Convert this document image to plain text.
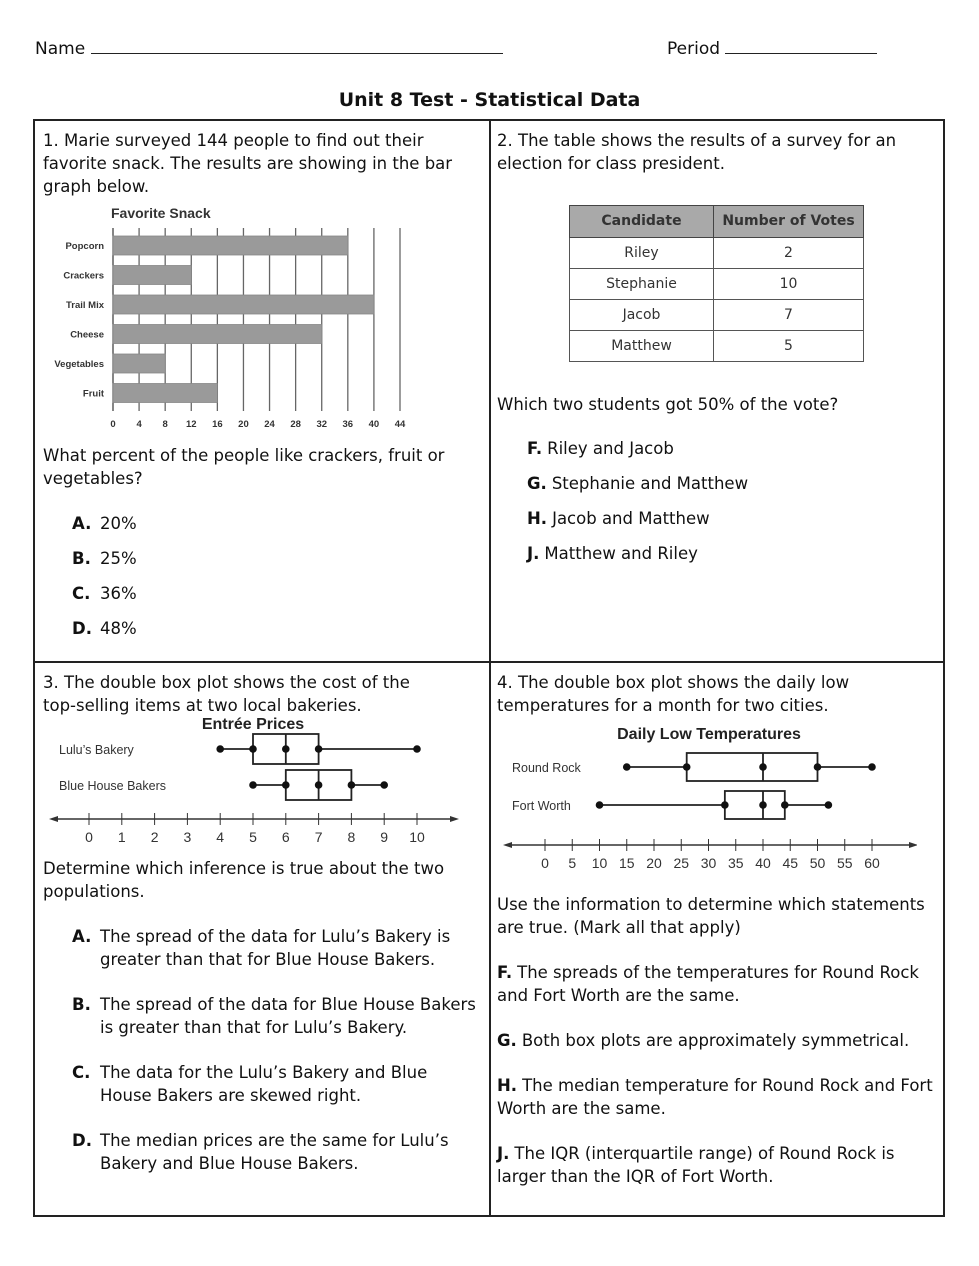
Name	Period
Unit 8 Test - Statistical Data
1. Marie surveyed 144 people to find out their favorite snack. The results are showing in the bar graph below.
Favorite Snack
0 4 8 12 16 20 24 28 32 36 40 44
Popcorn
Crackers
Trail Mix
Cheese
Vegetables
Fruit
What percent of the people like crackers, fruit or vegetables?
A. 20%
B. 25%
C. 36%
D. 48%
2. The table shows the results of a survey for an election for class president.
Candidate	Number of Votes
Riley	2
Stephanie	10
Jacob	7
Matthew	5
Which two students got 50% of the vote?
F. Riley and Jacob
G. Stephanie and Matthew
H. Jacob and Matthew
J. Matthew and Riley
3. The double box plot shows the cost of the top-selling items at two local bakeries.
Entrée Prices
0 1 2 3 4 5 6 7 8 9 10
Lulu’s Bakery
Blue House Bakers
Determine which inference is true about the two populations.
A. The spread of the data for Lulu’s Bakery is greater than that for Blue House Bakers.
B. The spread of the data for Blue House Bakers is greater than that for Lulu’s Bakery.
C. The data for the Lulu’s Bakery and Blue House Bakers are skewed right.
D. The median prices are the same for Lulu’s Bakery and Blue House Bakers.
4. The double box plot shows the daily low temperatures for a month for two cities.
Daily Low Temperatures
0 5 10 15 20 25 30 35 40 45 50 55 60
Round Rock
Fort Worth
Use the information to determine which statements are true. (Mark all that apply)
F. The spreads of the temperatures for Round Rock and Fort Worth are the same.
G. Both box plots are approximately symmetrical.
H. The median temperature for Round Rock and Fort Worth are the same.
J. The IQR (interquartile range) of Round Rock is larger than the IQR of Fort Worth.
